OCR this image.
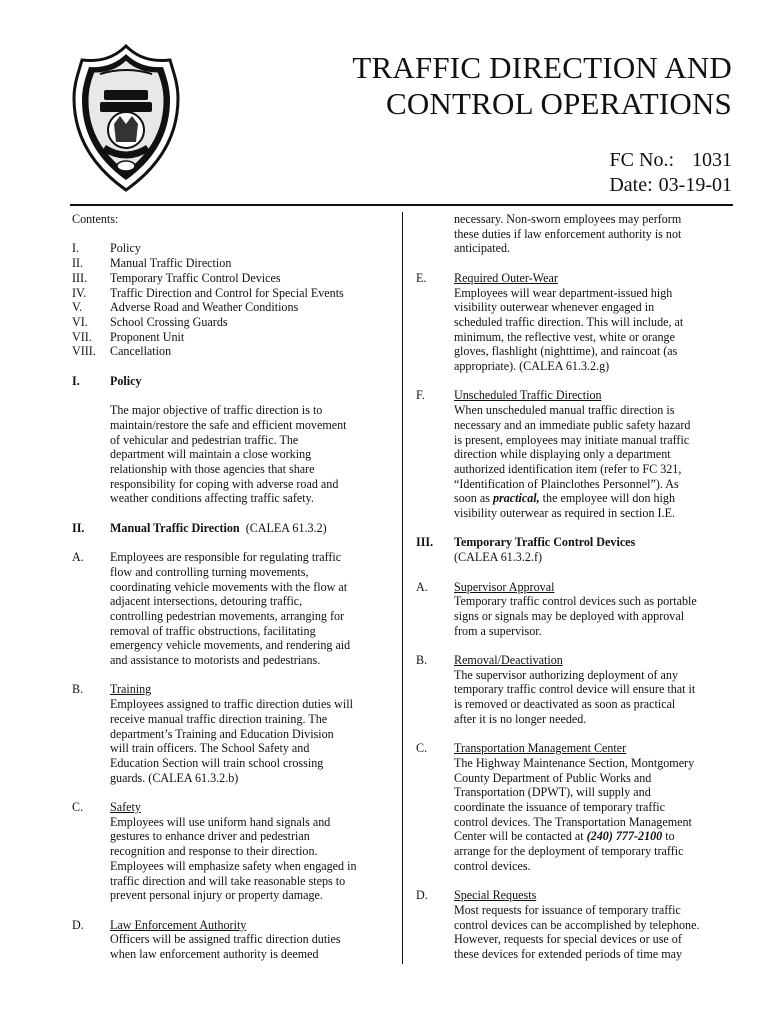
TRAFFIC DIRECTION AND
CONTROL OPERATIONS
FC No.: 1031
Date: 03-19-01

Contents:

I.	Policy
II.	Manual Traffic Direction
III.	Temporary Traffic Control Devices
IV.	Traffic Direction and Control for Special Events
V.	Adverse Road and Weather Conditions
VI.	School Crossing Guards
VII.	Proponent Unit
VIII.	Cancellation
I.	Policy
The major objective of traffic direction is to
maintain/restore the safe and efficient movement
of vehicular and pedestrian traffic. The
department will maintain a close working
relationship with those agencies that share
responsibility for coping with adverse road and
weather conditions affecting traffic safety.
II.	Manual Traffic Direction (CALEA 61.3.2)
A.	Employees are responsible for regulating traffic
flow and controlling turning movements,
coordinating vehicle movements with the flow at
adjacent intersections, detouring traffic,
controlling pedestrian movements, arranging for
removal of traffic obstructions, facilitating
emergency vehicle movements, and rendering aid
and assistance to motorists and pedestrians.
B.	Training
Employees assigned to traffic direction duties will
receive manual traffic direction training. The
department’s Training and Education Division
will train officers. The School Safety and
Education Section will train school crossing
guards. (CALEA 61.3.2.b)
C.	Safety
Employees will use uniform hand signals and
gestures to enhance driver and pedestrian
recognition and response to their direction.
Employees will emphasize safety when engaged in
traffic direction and will take reasonable steps to
prevent personal injury or property damage.
D.	Law Enforcement Authority
Officers will be assigned traffic direction duties
when law enforcement authority is deemed
necessary. Non-sworn employees may perform
these duties if law enforcement authority is not
anticipated.
E.	Required Outer-Wear
Employees will wear department-issued high
visibility outerwear whenever engaged in
scheduled traffic direction. This will include, at
minimum, the reflective vest, white or orange
gloves, flashlight (nighttime), and raincoat (as
appropriate). (CALEA 61.3.2.g)
F.	Unscheduled Traffic Direction
When unscheduled manual traffic direction is
necessary and an immediate public safety hazard
is present, employees may initiate manual traffic
direction while displaying only a department
authorized identification item (refer to FC 321,
“Identification of Plainclothes Personnel”). As
soon as practical, the employee will don high
visibility outerwear as required in section I.E.
III.	Temporary Traffic Control Devices
(CALEA 61.3.2.f)
A.	Supervisor Approval
Temporary traffic control devices such as portable
signs or signals may be deployed with approval
from a supervisor.
B.	Removal/Deactivation
The supervisor authorizing deployment of any
temporary traffic control device will ensure that it
is removed or deactivated as soon as practical
after it is no longer needed.
C.	Transportation Management Center
The Highway Maintenance Section, Montgomery
County Department of Public Works and
Transportation (DPWT), will supply and
coordinate the issuance of temporary traffic
control devices. The Transportation Management
Center will be contacted at (240) 777-2100 to
arrange for the deployment of temporary traffic
control devices.
D.	Special Requests
Most requests for issuance of temporary traffic
control devices can be accomplished by telephone.
However, requests for special devices or use of
these devices for extended periods of time may
